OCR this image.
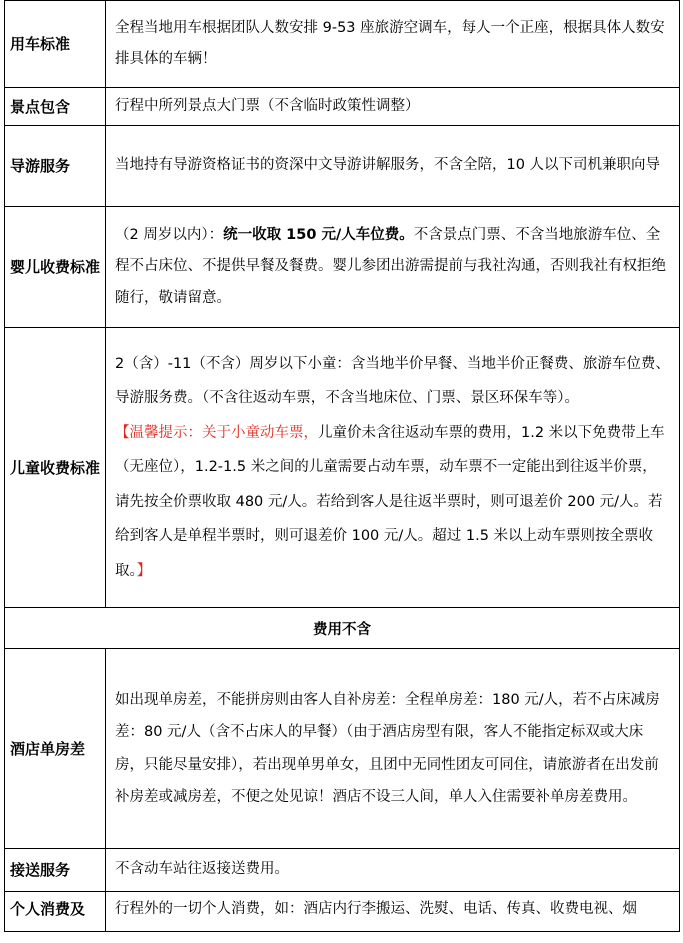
用车标准	全程当地用车根据团队人数安排 9-53 座旅游空调车，每人一个正座，根据具体人数安排具体的车辆！
景点包含	行程中所列景点大门票（不含临时政策性调整）
导游服务	当地持有导游资格证书的资深中文导游讲解服务，不含全陪，10 人以下司机兼职向导
婴儿收费标准	（2 周岁以内）：统一收取 150 元/人车位费。不含景点门票、不含当地旅游车位、全程不占床位、不提供早餐及餐费。婴儿参团出游需提前与我社沟通，否则我社有权拒绝随行，敬请留意。
儿童收费标准	2（含）-11（不含）周岁以下小童：含当地半价早餐、当地半价正餐费、旅游车位费、导游服务费。（不含往返动车票，不含当地床位、门票、景区环保车等）。

【温馨提示：关于小童动车票，儿童价未含往返动车票的费用，1.2 米以下免费带上车（无座位），1.2-1.5 米之间的儿童需要占动车票，动车票不一定能出到往返半价票，请先按全价票收取 480 元/人。若给到客人是往返半票时，则可退差价 200 元/人。若给到客人是单程半票时，则可退差价 100 元/人。超过 1.5 米以上动车票则按全票收取。】

费用不含	
酒店单房差	如出现单房差，不能拼房则由客人自补房差：全程单房差：180 元/人，若不占床减房差：80 元/人（含不占床人的早餐）（由于酒店房型有限，客人不能指定标双或大床房，只能尽量安排），若出现单男单女，且团中无同性团友可同住，请旅游者在出发前补房差或减房差，不便之处见谅！酒店不设三人间，单人入住需要补单房差费用。
接送服务	不含动车站往返接送费用。
个人消费及	行程外的一切个人消费，如：酒店内行李搬运、洗熨、电话、传真、收费电视、烟
